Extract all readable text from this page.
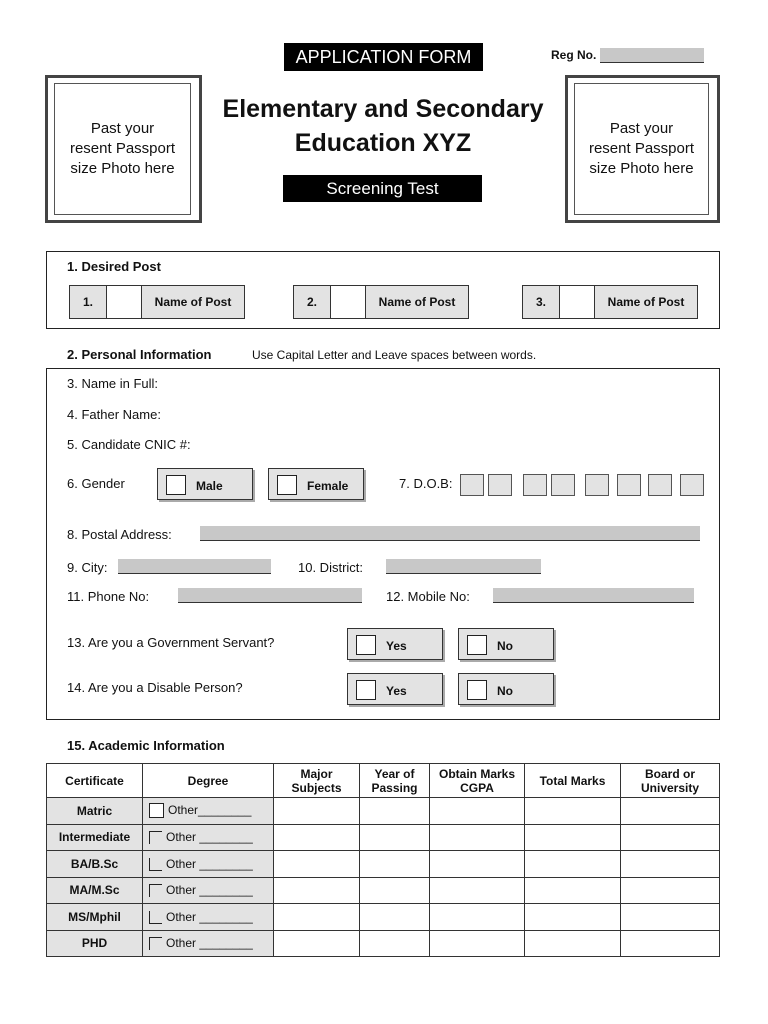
APPLICATION FORM	Reg No.
Past your
resent Passport
size Photo here
Past your
resent Passport
size Photo here
Elementary and Secondary
Education XYZ
Screening Test
1. Desired Post
1.	Name of Post	2.	Name of Post	3.	Name of Post
2. Personal Information	Use Capital Letter and Leave spaces between words.
3. Name in Full:
4. Father Name:
5. Candidate CNIC #:
6. Gender	Male	Female	7. D.O.B:
8. Postal Address:
9. City:	10. District:
11. Phone No:	12. Mobile No:
13. Are you a Government Servant?	Yes	No
14. Are you a Disable Person?	Yes	No
15. Academic Information
Certificate	Degree	Major Subjects	Year of Passing	Obtain Marks CGPA	Total Marks	Board or University
Matric	Other________					
Intermediate	Other ________					
BA/B.Sc	Other ________					
MA/M.Sc	Other ________					
MS/Mphil	Other ________					
PHD	Other ________					
